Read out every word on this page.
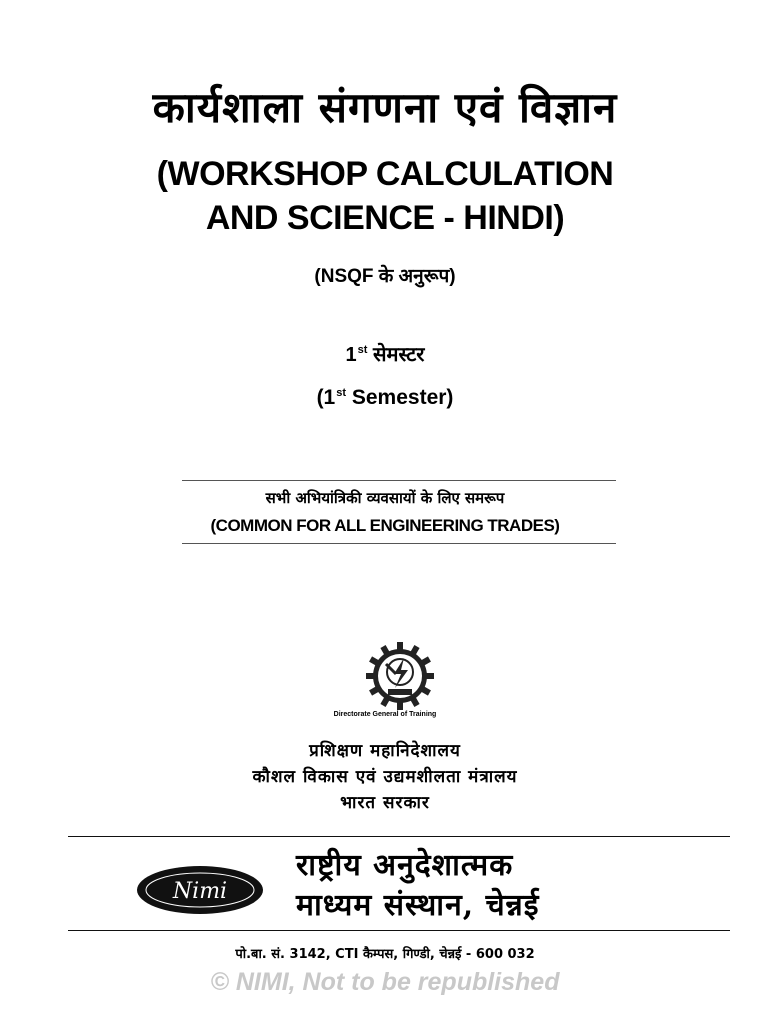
कार्यशाला संगणना एवं विज्ञान
(WORKSHOP CALCULATION
AND SCIENCE - HINDI)
(NSQF के अनुरूप)
1st सेमस्टर
(1st Semester)
सभी अभियांत्रिकी व्यवसायों के लिए समरूप
(COMMON FOR ALL ENGINEERING TRADES)
Directorate General of Training
प्रशिक्षण महानिदेशालय
कौशल विकास एवं उद्यमशीलता मंत्रालय
भारत सरकार
Nimi
राष्ट्रीय अनुदेशात्मक
माध्यम संस्थान, चेन्नई
पो.बा. सं. 3142, CTI कैम्पस, गिण्डी, चेन्नई - 600 032
© NIMI, Not to be republished
